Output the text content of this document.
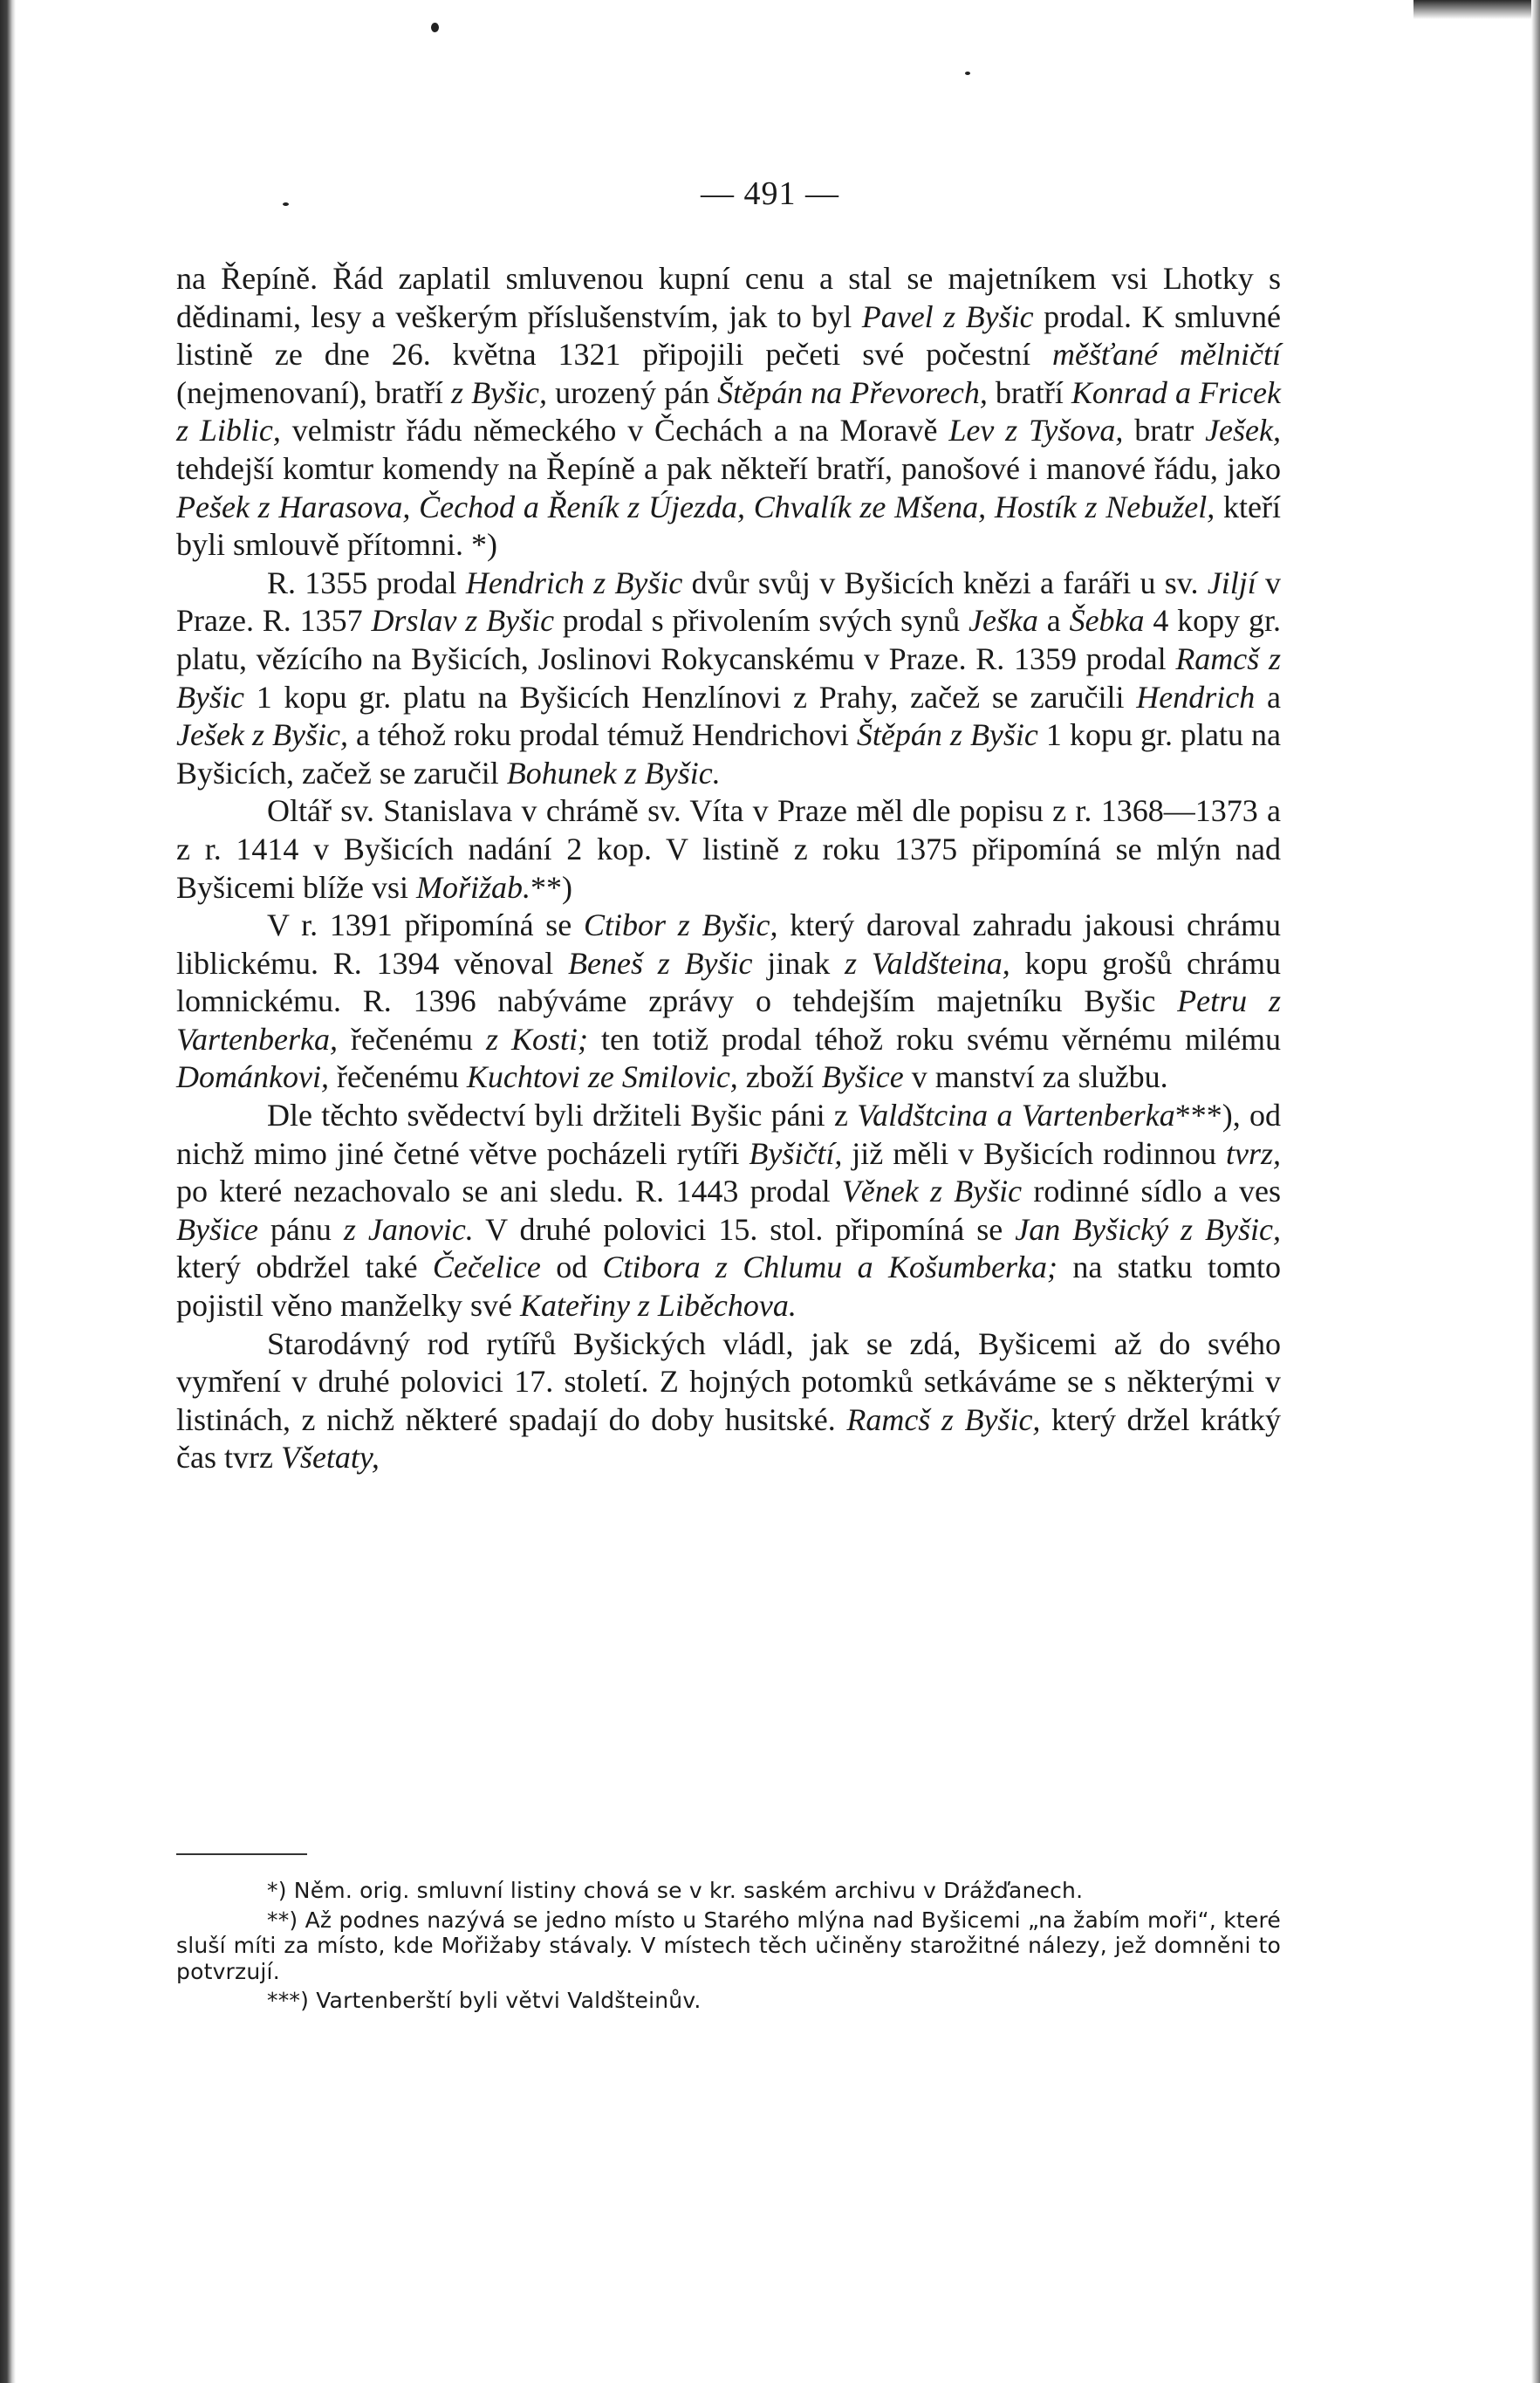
— 491 —

na Řepíně. Řád zaplatil smluvenou kupní cenu a stal se majetníkem vsi Lhotky s dědinami, lesy a veškerým příslušenstvím, jak to byl Pavel z Byšic prodal. K smluvné listině ze dne 26. května 1321 připojili pečeti své počestní měšťané mělničtí (nejmenovaní), bratří z Byšic, urozený pán Štěpán na Převorech, bratří Konrad a Fricek z Liblic, velmistr řádu německého v Čechách a na Moravě Lev z Tyšova, bratr Ješek, tehdejší komtur komendy na Řepíně a pak někteří bratří, panošové i manové řádu, jako Pešek z Harasova, Čechod a Řeník z Újezda, Chvalík ze Mšena, Hostík z Nebužel, kteří byli smlouvě přítomni. *)

R. 1355 prodal Hendrich z Byšic dvůr svůj v Byšicích knězi a faráři u sv. Jiljí v Praze. R. 1357 Drslav z Byšic prodal s přivolením svých synů Ješka a Šebka 4 kopy gr. platu, vězícího na Byšicích, Joslinovi Rokycanskému v Praze. R. 1359 prodal Ramcš z Byšic 1 kopu gr. platu na Byšicích Henzlínovi z Prahy, začež se zaručili Hendrich a Ješek z Byšic, a téhož roku prodal témuž Hendrichovi Štěpán z Byšic 1 kopu gr. platu na Byšicích, začež se zaručil Bohunek z Byšic.

Oltář sv. Stanislava v chrámě sv. Víta v Praze měl dle popisu z r. 1368—1373 a z r. 1414 v Byšicích nadání 2 kop. V listině z roku 1375 připomíná se mlýn nad Byšicemi blíže vsi Mořižab.**)

V r. 1391 připomíná se Ctibor z Byšic, který daroval zahradu jakousi chrámu liblickému. R. 1394 věnoval Beneš z Byšic jinak z Valdšteina, kopu grošů chrámu lomnickému. R. 1396 nabýváme zprávy o tehdejším majetníku Byšic Petru z Vartenberka, řečenému z Kosti; ten totiž prodal téhož roku svému věrnému milému Dománkovi, řečenému Kuchtovi ze Smilovic, zboží Byšice v manství za službu.

Dle těchto svědectví byli držiteli Byšic páni z Valdštcina a Vartenberka***), od nichž mimo jiné četné větve pocházeli rytíři Byšičtí, již měli v Byšicích rodinnou tvrz, po které nezachovalo se ani sledu. R. 1443 prodal Věnek z Byšic rodinné sídlo a ves Byšice pánu z Janovic. V druhé polovici 15. stol. připomíná se Jan Byšický z Byšic, který obdržel také Čečelice od Ctibora z Chlumu a Košumberka; na statku tomto pojistil věno manželky své Kateřiny z Liběchova.

Starodávný rod rytířů Byšických vládl, jak se zdá, Byšicemi až do svého vymření v druhé polovici 17. století. Z hojných potomků setkáváme se s některými v listinách, z nichž některé spadají do doby husitské. Ramcš z Byšic, který držel krátký čas tvrz Všetaty,

*) Něm. orig. smluvní listiny chová se v kr. saském archivu v Drážďanech.

**) Až podnes nazývá se jedno místo u Starého mlýna nad Byšicemi „na žabím moři“, které sluší míti za místo, kde Mořižaby stávaly. V místech těch učiněny starožitné nálezy, jež domněni to potvrzují.

***) Vartenberští byli větvi Valdšteinův.
